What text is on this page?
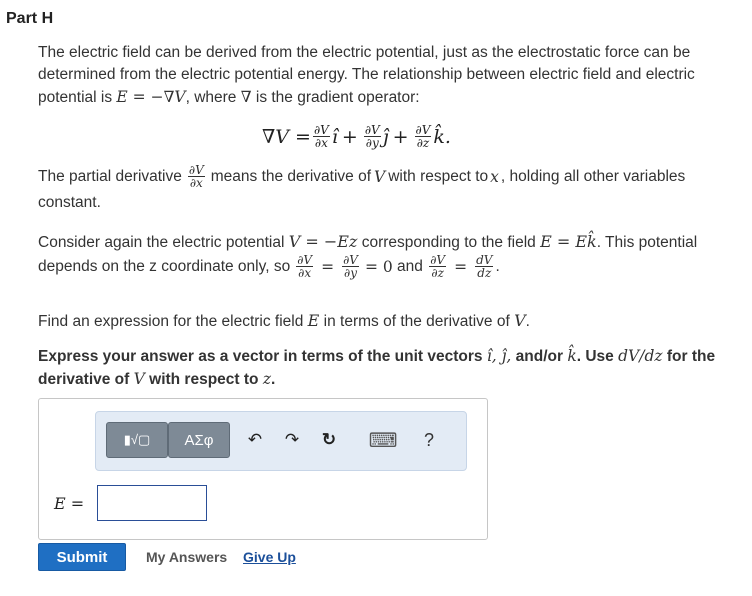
Part H
The electric field can be derived from the electric potential, just as the electrostatic force can be
determined from the electric potential energy. The relationship between electric field and electric
potential is E = −∇V, where ∇ is the gradient operator:
$\nabla V = \frac{\partial V}{\partial x}$ î + $\frac{\partial V}{\partial y}$ ĵ + $\frac{\partial V}{\partial z}$ k̂.
The partial derivative $\frac{\partial V}{\partial x}$ means the derivative of V with respect to x , holding all other variables
constant.
Consider again the electric potential V = −Ez corresponding to the field E = Ek̂. This potential
depends on the z coordinate only, so $\frac{\partial V}{\partial x} = \frac{\partial V}{\partial y} = 0$ and $\frac{\partial V}{\partial z} = \frac{dV}{dz}$ .
Find an expression for the electric field E in terms of the derivative of V.
Express your answer as a vector in terms of the unit vectors î, ĵ, and/or k̂. Use dV/dz for the
derivative of V with respect to z.
▮√▢	ΑΣφ	↶ ↷ ↻ ⌨	?
E =
Submit	My Answers Give Up
